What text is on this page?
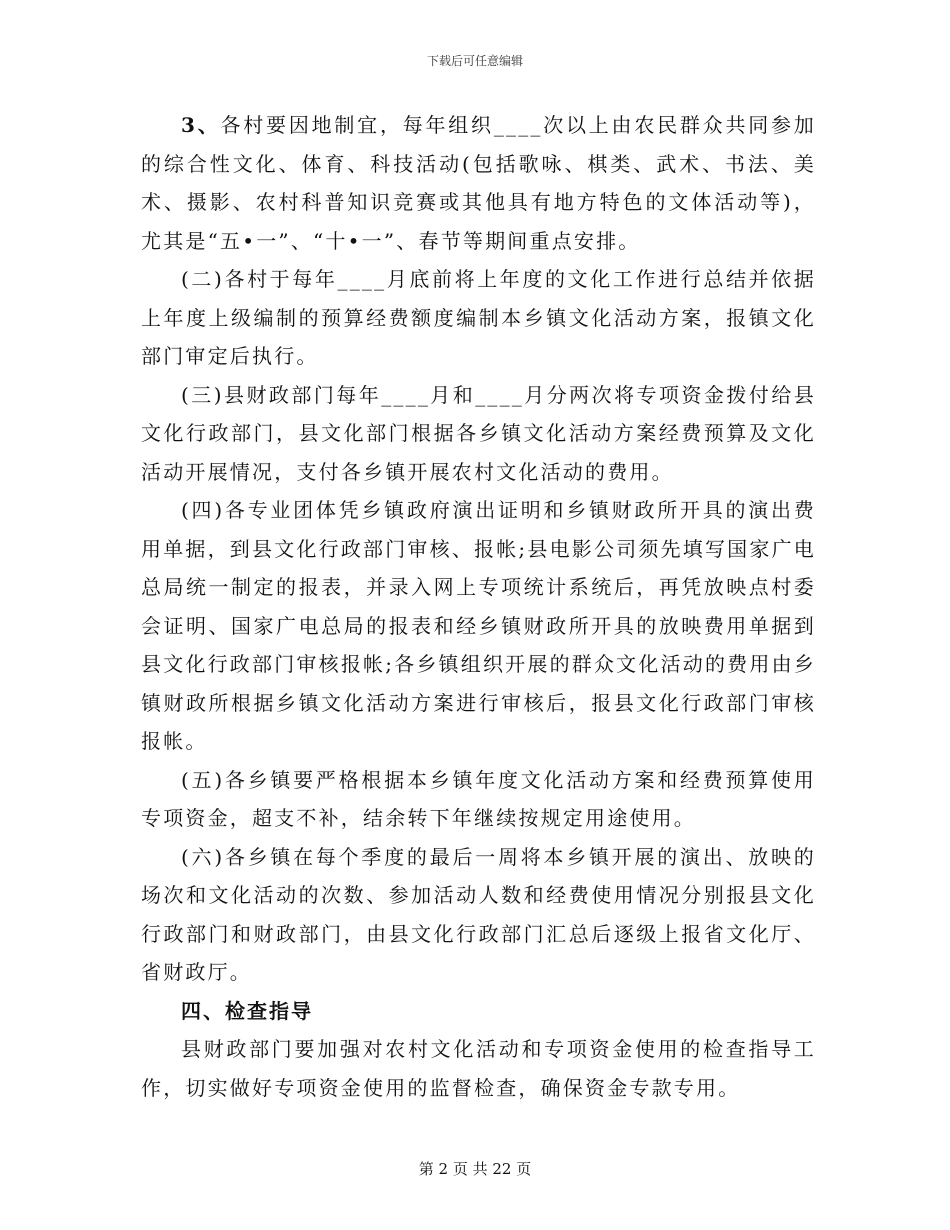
下载后可任意编辑

3、各村要因地制宜，每年组织____次以上由农民群众共同参加的综合性文化、体育、科技活动(包括歌咏、棋类、武术、书法、美术、摄影、农村科普知识竞赛或其他具有地方特色的文体活动等)，尤其是“五•一”、“十•一”、春节等期间重点安排。

(二)各村于每年____月底前将上年度的文化工作进行总结并依据上年度上级编制的预算经费额度编制本乡镇文化活动方案，报镇文化部门审定后执行。

(三)县财政部门每年____月和____月分两次将专项资金拨付给县文化行政部门，县文化部门根据各乡镇文化活动方案经费预算及文化活动开展情况，支付各乡镇开展农村文化活动的费用。

(四)各专业团体凭乡镇政府演出证明和乡镇财政所开具的演出费用单据，到县文化行政部门审核、报帐;县电影公司须先填写国家广电总局统一制定的报表，并录入网上专项统计系统后，再凭放映点村委会证明、国家广电总局的报表和经乡镇财政所开具的放映费用单据到县文化行政部门审核报帐;各乡镇组织开展的群众文化活动的费用由乡镇财政所根据乡镇文化活动方案进行审核后，报县文化行政部门审核报帐。

(五)各乡镇要严格根据本乡镇年度文化活动方案和经费预算使用专项资金，超支不补，结余转下年继续按规定用途使用。

(六)各乡镇在每个季度的最后一周将本乡镇开展的演出、放映的场次和文化活动的次数、参加活动人数和经费使用情况分别报县文化行政部门和财政部门，由县文化行政部门汇总后逐级上报省文化厅、省财政厅。

四、检查指导

县财政部门要加强对农村文化活动和专项资金使用的检查指导工作，切实做好专项资金使用的监督检查，确保资金专款专用。

第 2 页 共 22 页
